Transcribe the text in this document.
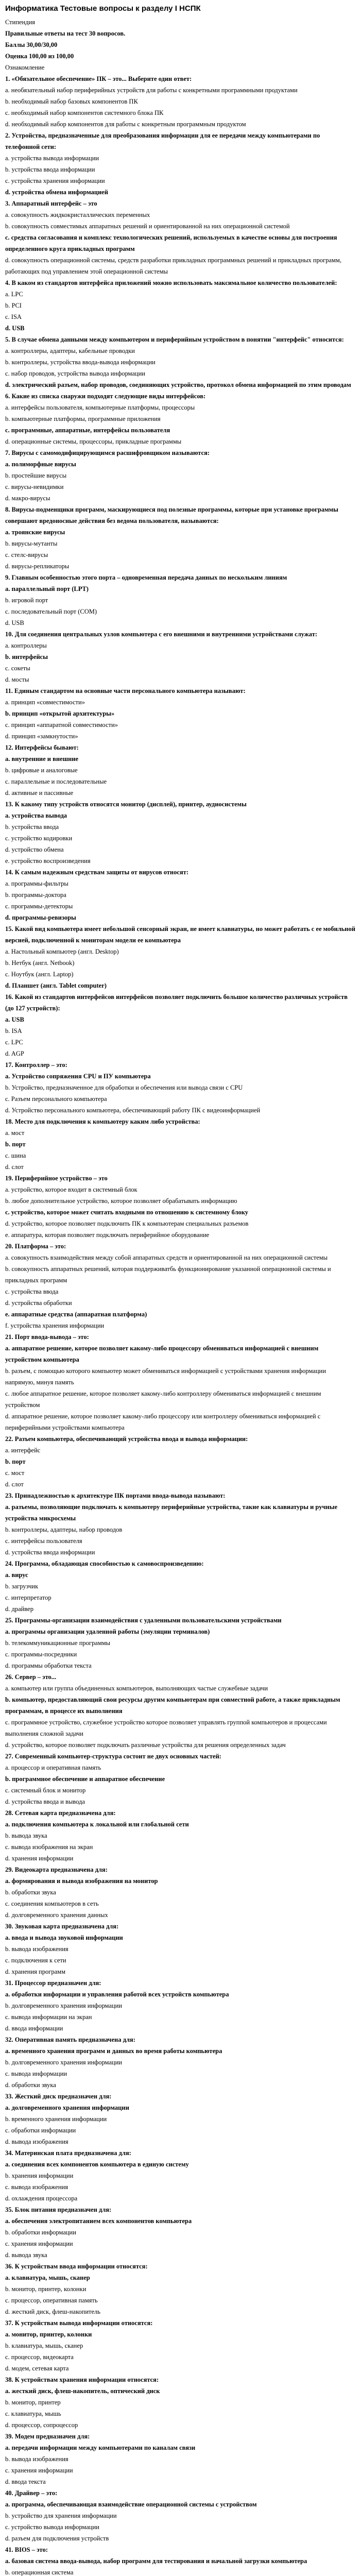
Информатика Тестовые вопросы к разделу I НСПК

Стипендия

Правильные ответы на тест 30 вопросов.

Баллы 30,00/30,00

Оценка 100,00 из 100,00

Ознакомление

1. «Обязательное обеспечение» ПК – это... Выберите один ответ:

a. необязательный набор периферийных устройств для работы с конкретными программными продуктами

b. необходимый набор базовых компонентов ПК

c. необходимый набор компонентов системного блока ПК

d. необходимый набор компонентов для работы с конкретным программным продуктом

2. Устройства, предназначенные для преобразования информации для ее передачи между компьютерами по телефонной сети:

a. устройства вывода информации

b. устройства ввода информации

c. устройства хранения информации

d. устройства обмена информацией

3. Аппаратный интерфейс – это

a. совокупность жидкокристаллических переменных

b. совокупность совместимых аппаратных решений и ориентированной на них операционной системой

c. средства согласования и комплекс технологических решений, используемых в качестве основы для построения определенного круга прикладных программ

d. совокупность операционной системы, средств разработки прикладных программных решений и прикладных программ, работающих под управлением этой операционной системы

4. В каком из стандартов интерфейса приложений можно использовать максимальное количество пользователей:

a. LPC

b. PCI

c. ISA

d. USB

5. В случае обмена данными между компьютером и периферийным устройством в понятии "интерфейс" относится:

a. контроллеры, адаптеры, кабельные проводки

b. контроллеры, устройства ввода-вывода информации

c. набор проводов, устройства вывода информации

d. электрический разъем, набор проводов, соединяющих устройство, протокол обмена информацией по этим проводам

6. Какие из списка снаружи подходят следующие виды интерфейсов:

a. интерфейсы пользователя, компьютерные платформы, процессоры

b. компьютерные платформы, программные приложения

c. программные, аппаратные, интерфейсы пользователя

d. операционные системы, процессоры, прикладные программы

7. Вирусы с самомодифицирующимся расшифровщиком называются:

a. полиморфные вирусы

b. простейшие вирусы

c. вирусы-невидимки

d. макро-вирусы

8. Вирусы-подменщики программ, маскирующиеся под полезные программы, которые при установке программы совершают вредоносные действия без ведома пользователя, называются:

a. троянские вирусы

b. вирусы-мутанты

c. стелс-вирусы

d. вирусы-репликаторы

9. Главным особенностью этого порта – одновременная передача данных по нескольким линиям

a. параллельный порт (LPT)

b. игровой порт

c. последовательный порт (COM)

d. USB

10. Для соединения центральных узлов компьютера с его внешними и внутренними устройствами служат:

a. контроллеры

b. интерфейсы

c. сокеты

d. мосты

11. Единым стандартом на основные части персонального компьютера называют:

a. принцип «совместимости»

b. принцип «открытой архитектуры»

c. принцип «аппаратной совместимости»

d. принцип «замкнутости»

12. Интерфейсы бывают:

a. внутренние и внешние

b. цифровые и аналоговые

c. параллельные и последовательные

d. активные и пассивные

13. К какому типу устройств относятся монитор (дисплей), принтер, аудиосистемы

a. устройства вывода

b. устройства ввода

c. устройство кодировки

d. устройство обмена

e. устройство воспроизведения

14. К самым надежным средствам защиты от вирусов относят:

a. программы-фильтры

b. программы-доктора

c. программы-детекторы

d. программы-ревизоры

15. Какой вид компьютера имеет небольшой сенсорный экран, не имеет клавиатуры, но может работать с ее мобильной версией, подключенной к мониторам модели ее компьютера

a. Настольный компьютер (англ. Desktop)

b. Нетбук (англ. Netbook)

c. Ноутбук (англ. Laptop)

d. Планшет (англ. Tablet computer)

16. Какой из стандартов интерфейсов интерфейсов позволяет подключить большое количество различных устройств (до 127 устройств):

a. USB

b. ISA

c. LPC

d. AGP

17. Контроллер – это:

a. Устройство сопряжения CPU и ПУ компьютера

b. Устройство, предназначенное для обработки и обеспечения или вывода связи с CPU

c. Разъем персонального компьютера

d. Устройство персонального компьютера, обеспечивающий работу ПК с видеоинформацией

18. Место для подключения к компьютеру каким либо устройства:

a. мост

b. порт

c. шина

d. слот

19. Периферийное устройство – это

a. устройство, которое входит в системный блок

b. любое дополнительное устройство, которое позволяет обрабатывать информацию

c. устройство, которое может считать входными по отношению к системному блоку

d. устройство, которое позволяет подключить ПК к компьютерам специальных разъемов

e. аппаратура, которая позволяет подключать периферийное оборудование

20. Платформа – это:

a. совокупность взаимодействия между собой аппаратных средств и ориентированной на них операционной системы

b. совокупность аппаратных решений, которая поддерживатбь функционирование указанной операционной системы и прикладных программ

c. устройства ввода

d. устройства обработки

e. аппаратные средства (аппаратная платформа)

f. устройства хранения информации

21. Порт ввода-вывода – это:

a. аппаратное решение, которое позволяет какому-либо процессору обмениваться информацией с внешним устройством компьютера

b. разъем, с помощью которого компьютер может обмениваться информацией с устройствами хранения информации напрямую, минуя память

c. любое аппаратное решение, которое позволяет какому-либо контроллеру обмениваться информацией с внешним устройством

d. аппаратное решение, которое позволяет какому-либо процессору или контроллеру обмениваться информацией с периферийными устройствами компьютера

22. Разъем компьютера, обеспечивающий устройства ввода и вывода информации:

a. интерфейс

b. порт

c. мост

d. слот

23. Принадлежностью к архитектуре ПК портами ввода-вывода называют:

a. разъемы, позволяющие подключать к компьютеру периферийные устройства, такие как клавиатуры и ручные устройства микросхемы

b. контроллеры, адаптеры, набор проводов

c. интерфейсы пользователя

d. устройства ввода информации

24. Программа, обладающая способностью к самовоспроизведению:

a. вирус

b. загрузчик

c. интерпретатор

d. драйвер

25. Программы-организации взаимодействия с удаленными пользовательскими устройствами

a. программы организации удаленной работы (эмуляции терминалов)

b. телекоммуникационные программы

c. программы-посредники

d. программы обработки текста

26. Сервер – это...

a. компьютер или группа объединенных компьютеров, выполняющих частые служебные задачи

b. компьютер, предоставляющий свои ресурсы другим компьютерам при совместной работе, а также прикладным программам, в процессе их выполнения

c. программное устройство, служебное устройство которое позволяет управлять группой компьютеров и процессами выполнения сложной задачи

d. устройство, которое позволяет подключать различные устройства для решения определенных задач

27. Современный компьютер-структура состоит не двух основных частей:

a. процессор и оперативная память

b. программное обеспечение и аппаратное обеспечение

c. системный блок и монитор

d. устройства ввода и вывода

28. Сетевая карта предназначена для:

a. подключения компьютера к локальной или глобальной сети

b. вывода звука

c. вывода изображения на экран

d. хранения информации

29. Видеокарта предназначена для:

a. формирования и вывода изображения на монитор

b. обработки звука

c. соединения компьютеров в сеть

d. долговременного хранения данных

30. Звуковая карта предназначена для:

a. ввода и вывода звуковой информации

b. вывода изображения

c. подключения к сети

d. хранения программ

31. Процессор предназначен для:

a. обработки информации и управления работой всех устройств компьютера

b. долговременного хранения информации

c. вывода информации на экран

d. ввода информации

32. Оперативная память предназначена для:

a. временного хранения программ и данных во время работы компьютера

b. долговременного хранения информации

c. вывода информации

d. обработки звука

33. Жесткий диск предназначен для:

a. долговременного хранения информации

b. временного хранения информации

c. обработки информации

d. вывода изображения

34. Материнская плата предназначена для:

a. соединения всех компонентов компьютера в единую систему

b. хранения информации

c. вывода изображения

d. охлаждения процессора

35. Блок питания предназначен для:

a. обеспечения электропитанием всех компонентов компьютера

b. обработки информации

c. хранения информации

d. вывода звука

36. К устройствам ввода информации относятся:

a. клавиатура, мышь, сканер

b. монитор, принтер, колонки

c. процессор, оперативная память

d. жесткий диск, флеш-накопитель

37. К устройствам вывода информации относятся:

a. монитор, принтер, колонки

b. клавиатура, мышь, сканер

c. процессор, видеокарта

d. модем, сетевая карта

38. К устройствам хранения информации относятся:

a. жесткий диск, флеш-накопитель, оптический диск

b. монитор, принтер

c. клавиатура, мышь

d. процессор, сопроцессор

39. Модем предназначен для:

a. передачи информации между компьютерами по каналам связи

b. вывода изображения

c. хранения информации

d. ввода текста

40. Драйвер – это:

a. программа, обеспечивающая взаимодействие операционной системы с устройством

b. устройство для хранения информации

c. устройство вывода информации

d. разъем для подключения устройств

41. BIOS – это:

a. базовая система ввода-вывода, набор программ для тестирования и начальной загрузки компьютера

b. операционная система
